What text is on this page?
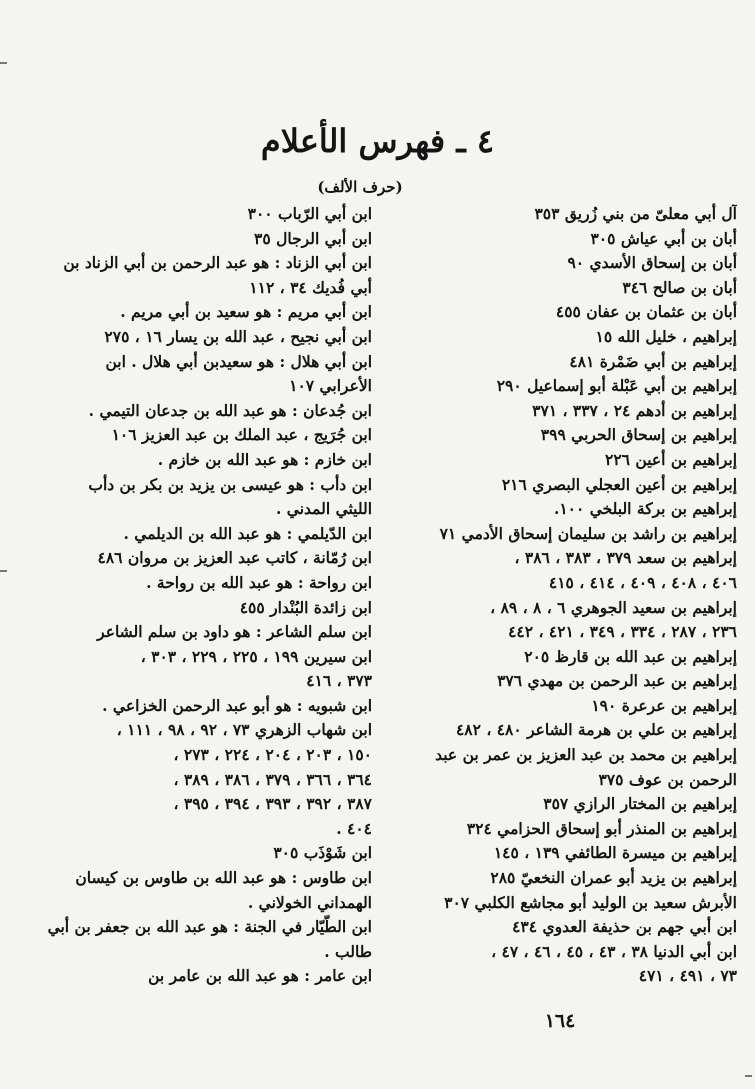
٤ ـ فهرس الأعلام
(حرف الألف)
آل أبي معلىّ من بني زُريق ٣٥٣
أبان بن أبي عياش ٣٠٥
أبان بن إسحاق الأسدي ٩٠
أبان بن صالح ٣٤٦
أبان بن عثمان بن عفان ٤٥٥
إبراهيم ، خليل الله ١٥
إبراهيم بن أبي ضَمْرة ٤٨١
إبراهيم بن أبي عَبْلة أبو إسماعيل ٢٩٠
إبراهيم بن أدهم ٢٤ ، ٣٣٧ ، ٣٧١
إبراهيم بن إسحاق الحربي ٣٩٩
إبراهيم بن أعين ٢٢٦
إبراهيم بن أعين العجلي البصري ٢١٦
إبراهيم بن بركة البلخي ١٠٠.
إبراهيم بن راشد بن سليمان إسحاق الأدمي ٧١
إبراهيم بن سعد ٣٧٩ ، ٣٨٣ ، ٣٨٦ ،
٤٠٦ ، ٤٠٨ ، ٤٠٩ ، ٤١٤ ، ٤١٥
إبراهيم بن سعيد الجوهري ٦ ، ٨ ، ٨٩ ،
٢٣٦ ، ٢٨٧ ، ٣٣٤ ، ٣٤٩ ، ٤٢١ ، ٤٤٢
إبراهيم بن عبد الله بن قارظ ٢٠٥
إبراهيم بن عبد الرحمن بن مهدي ٣٧٦
إبراهيم بن عرعرة ١٩٠
إبراهيم بن علي بن هرمة الشاعر ٤٨٠ ، ٤٨٢
إبراهيم بن محمد بن عبد العزيز بن عمر بن عبد
الرحمن بن عوف ٣٧٥
إبراهيم بن المختار الرازي ٣٥٧
إبراهيم بن المنذر أبو إسحاق الحزامي ٣٢٤
إبراهيم بن ميسرة الطائفي ١٣٩ ، ١٤٥
إبراهيم بن يزيد أبو عمران النخعيّ ٢٨٥
الأبرش سعيد بن الوليد أبو مجاشع الكلبي ٣٠٧
ابن أبي جهم بن حذيفة العدوي ٤٣٤
ابن أبي الدنيا ٣٨ ، ٤٣ ، ٤٥ ، ٤٦ ، ٤٧ ،
٧٣ ، ٤٩١ ، ٤٧١
ابن أبي الرّباب ٣٠٠
ابن أبي الرجال ٣٥
ابن أبي الزناد : هو عبد الرحمن بن أبي الزناد بن
أبي فُديك ٣٤ ، ١١٢
ابن أبي مريم : هو سعيد بن أبي مريم .
ابن أبي نجيح ، عبد الله بن يسار ١٦ ، ٢٧٥
ابن أبي هلال : هو سعيدبن أبي هلال . ابن
الأعرابي ١٠٧
ابن جُدعان : هو عبد الله بن جدعان التيمي .
ابن جُرَيج ، عبد الملك بن عبد العزيز ١٠٦
ابن خازم : هو عبد الله بن خازم .
ابن دأب : هو عيسى بن يزيد بن بكر بن دأب
الليثي المدني .
ابن الدّيلمي : هو عبد الله بن الديلمي .
ابن رُمّانة ، كاتب عبد العزيز بن مروان ٤٨٦
ابن رواحة : هو عبد الله بن رواحة .
ابن زائدة البُنْدار ٤٥٥
ابن سلم الشاعر : هو داود بن سلم الشاعر
ابن سيرين ١٩٩ ، ٢٢٥ ، ٢٢٩ ، ٣٠٣ ،
٣٧٣ ، ٤١٦
ابن شبويه : هو أبو عبد الرحمن الخزاعي .
ابن شهاب الزهري ٧٣ ، ٩٢ ، ٩٨ ، ١١١ ،
١٥٠ ، ٢٠٣ ، ٢٠٤ ، ٢٢٤ ، ٢٧٣ ،
٣٦٤ ، ٣٦٦ ، ٣٧٩ ، ٣٨٦ ، ٣٨٩ ،
٣٨٧ ، ٣٩٢ ، ٣٩٣ ، ٣٩٤ ، ٣٩٥ ،
٤٠٤ .
ابن شَوْذَب ٣٠٥
ابن طاوس : هو عبد الله بن طاوس بن كيسان
الهمداني الخولاني .
ابن الطَّيّار في الجنة : هو عبد الله بن جعفر بن أبي
طالب .
ابن عامر : هو عبد الله بن عامر بن
١٦٤
